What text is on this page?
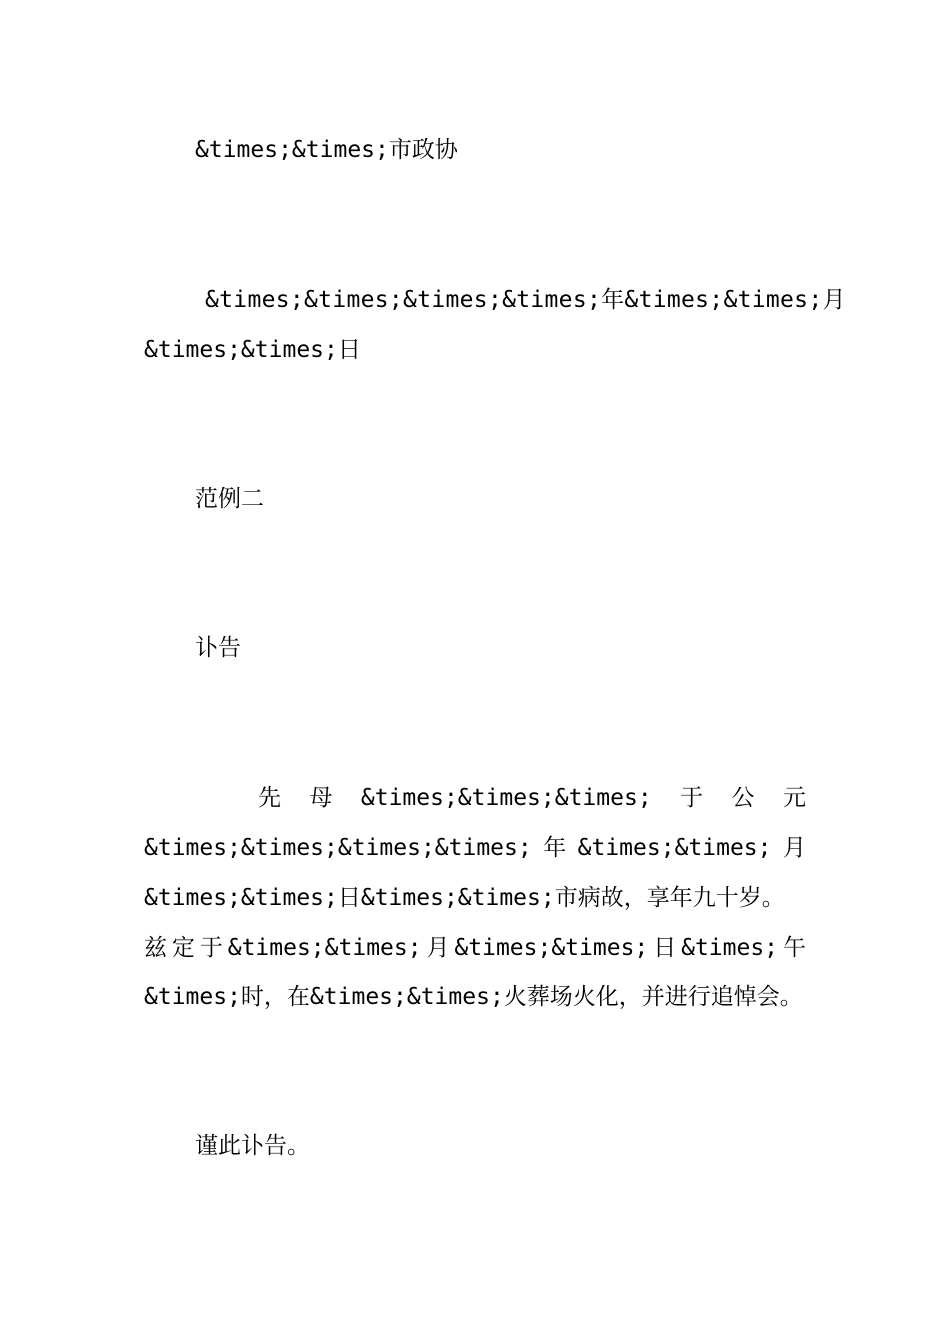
&times;&times;市政协
&times;&times;&times;&times;年&times;&times;月
&times;&times;日
范例二
讣告
先 母 &times;&times;&times; 于 公 元
&times;&times;&times;&times; 年 &times;&times; 月
&times;&times;日&times;&times;市病故，享年九十岁。
兹 定 于 &times;&times; 月 &times;&times; 日 &times; 午
&times;时，在&times;&times;火葬场火化，并进行追悼会。
谨此讣告。
